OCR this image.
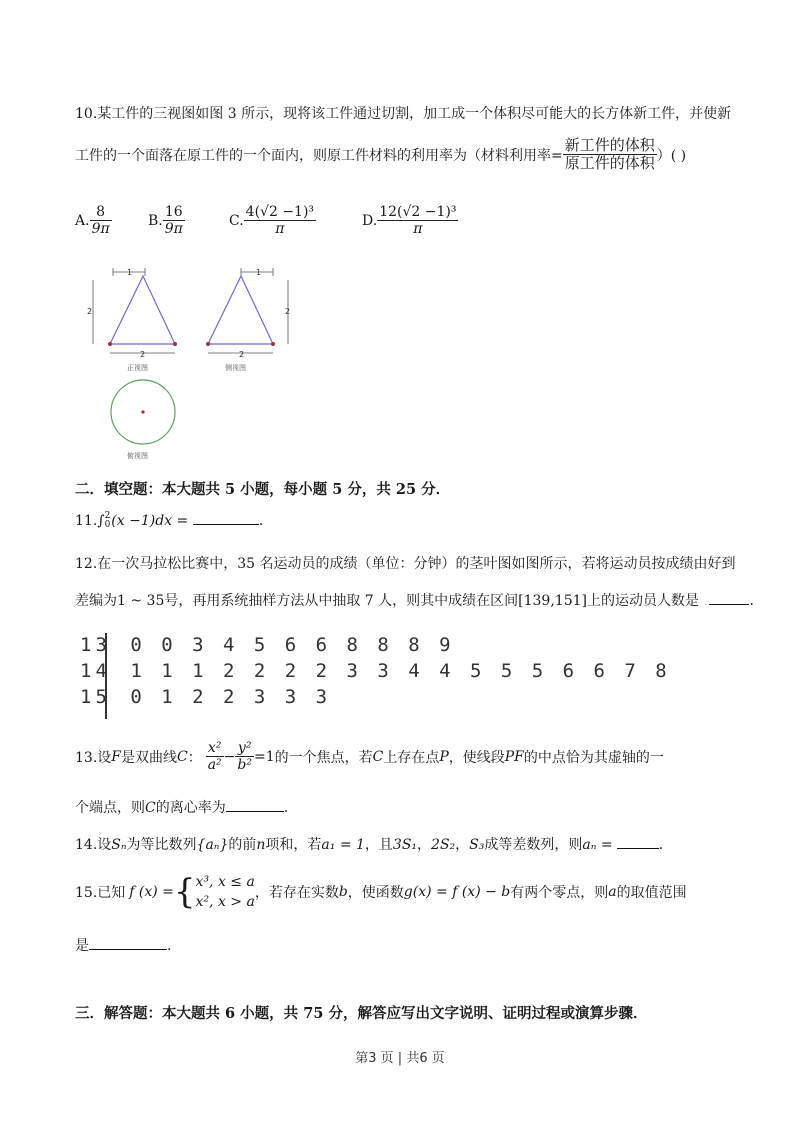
10.某工件的三视图如图 3 所示，现将该工件通过切割，加工成一个体积尽可能大的长方体新工件，并使新
工件的一个面落在原工件的一个面内，则原工件材料的利用率为（材料利用率= $\frac{\text{新工件的体积}}{\text{原工件的体积}}$ ）( )
A. $\frac{8}{9\pi}$	B. $\frac{16}{9\pi}$	C. $\frac{\text{4(√2 −1)³}}{\pi}$	D. $\frac{\text{12(√2 −1)³}}{\pi}$
1
2
2
正视图
1
2
2
侧视图
俯视图
二．填空题：本大题共 5 小题，每小题 5 分，共 25 分．
11.∫ 2
0 (x −1)dx =	.
12.在一次马拉松比赛中，35 名运动员的成绩（单位：分钟）的茎叶图如图所示，若将运动员按成绩由好到
差编为1 ~ 35号，再用系统抽样方法从中抽取 7 人，则其中成绩在区间[139,151]上的运动员人数是	.
13 0 0 3 4 5 6 6 8 8 8 9
14 1 1 1 2 2 2 2 3 3 4 4 5 5 5 6 6 7 8
15 0 1 2 2 3 3 3
13.设 F 是双曲线 C ： $\frac{\text{x²}}{\text{a²}} - \frac{\text{y²}}{\text{b²}} =1$ 的一个焦点，若 C 上存在点 P ，使线段 PF 的中点恰为其虚轴的一
个端点，则C的离心率为	.
14.设Sₙ为等比数列{aₙ}的前n项和，若a₁ = 1，且3S₁，2S₂，S₃成等差数列，则aₙ =	.
15.已知 f (x) = { x³, x ≤ a
x², x > a
，若存在实数 b ，使函数 g(x) = f (x) − b 有两个零点，则 a 的取值范围
是	.
三．解答题：本大题共 6 小题，共 75 分，解答应写出文字说明、证明过程或演算步骤．
第3 页 | 共6 页
